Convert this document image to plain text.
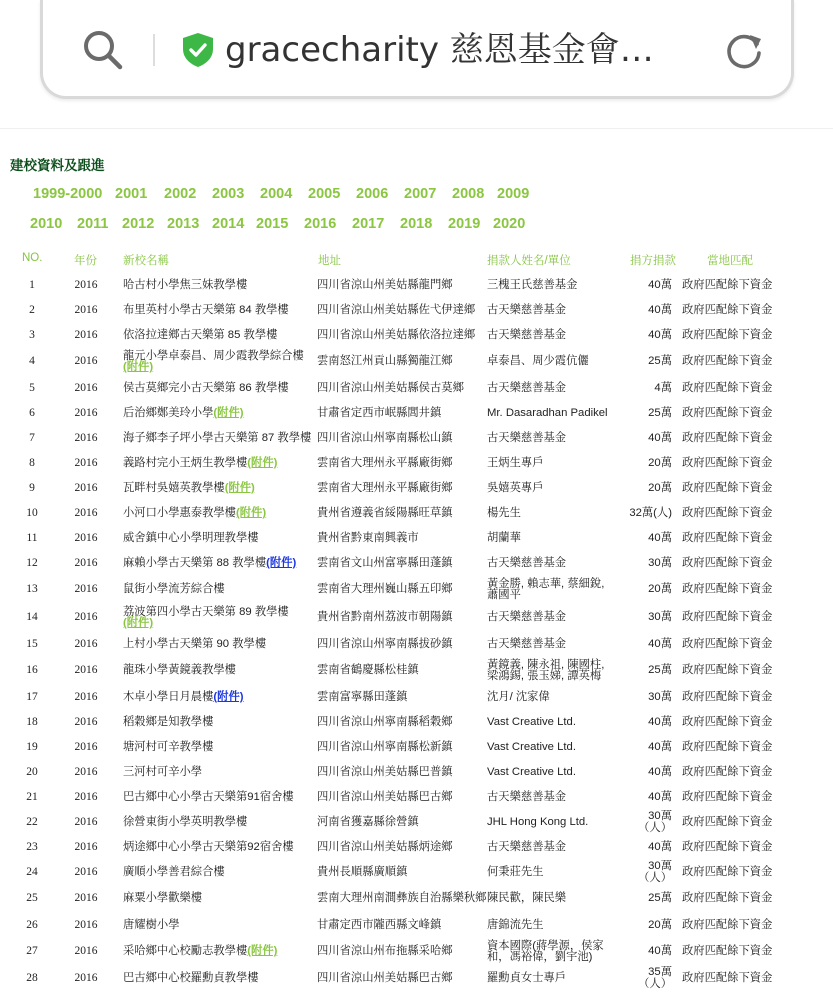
gracecharity 慈恩基金會…
建校資料及跟進
1999-2000 2001 2002 2003 2004 2005 2006 2007 2008 2009
2010 2011 2012 2013 2014 2015 2016 2017 2018 2019 2020
NO.	年份 新校名稱	地址	捐款人姓名/單位	捐方捐款	當地匹配
1	2016		哈古村小學焦三妹教學樓	四川省涼山州美姑縣龍門鄉	三槐王氏慈善基金	40萬	政府匹配餘下資金
2	2016		布里英村小學古天樂第 84 教學樓	四川省涼山州美姑縣佐弋伊達鄉	古天樂慈善基金	40萬	政府匹配餘下資金
3	2016		依洛拉達鄉古天樂第 85 教學樓	四川省涼山州美姑縣依洛拉達鄉	古天樂慈善基金	40萬	政府匹配餘下資金
4	2016		龍元小學卓泰昌、周少霞教學綜合樓
(附件)	雲南怒江州貢山縣獨龍江鄉	卓泰昌、周少霞伉儷	25萬	政府匹配餘下資金
5	2016		侯古莫鄉完小古天樂第 86 教學樓	四川省涼山州美姑縣侯古莫鄉	古天樂慈善基金	4萬	政府匹配餘下資金
6	2016		后治鄉鄭美玲小學(附件)	甘肅省定西市岷縣閭井鎮	Mr. Dasaradhan Padikel	25萬	政府匹配餘下資金
7	2016		海子鄉李子坪小學古天樂第 87 教學樓	四川省涼山州寧南縣松山鎮	古天樂慈善基金	40萬	政府匹配餘下資金
8	2016		義路村完小王炳生教學樓(附件)	雲南省大理州永平縣廠街鄉	王炳生專戶	20萬	政府匹配餘下資金
9	2016		瓦畔村吳嬉英教學樓(附件)	雲南省大理州永平縣廠街鄉	吳嬉英專戶	20萬	政府匹配餘下資金
10	2016		小河口小學惠泰教學樓(附件)	貴州省遵義省綏陽縣旺草鎮	楊先生	32萬(人)	政府匹配餘下資金
11	2016		威舍鎮中心小學明理教學樓	貴州省黔東南興義市	胡蘭華	40萬	政府匹配餘下資金
12	2016		麻賴小學古天樂第 88 教學樓(附件)	雲南省文山州富寧縣田蓬鎮	古天樂慈善基金	30萬	政府匹配餘下資金
13	2016		鼠街小學流芳綜合樓	雲南省大理州巍山縣五印鄉	黃金勝, 賴志華, 蔡細銳, 蕭國平	20萬	政府匹配餘下資金
14	2016		荔波第四小學古天樂第 89 教學樓
(附件)	貴州省黔南州荔波市朝陽鎮	古天樂慈善基金	30萬	政府匹配餘下資金
15	2016		上村小學古天樂第 90 教學樓	四川省涼山州寧南縣拔砂鎮	古天樂慈善基金	40萬	政府匹配餘下資金
16	2016		龍珠小學黃鏡義教學樓	雲南省鶴慶縣松桂鎮	黃鏡義, 陳永祖, 陳國柱, 梁鴻錫, 張玉娣, 譚英梅	25萬	政府匹配餘下資金
17	2016		木卓小學日月晨樓(附件)	雲南富寧縣田蓬鎮	沈月/ 沈家偉	30萬	政府匹配餘下資金
18	2016		稻穀鄉是知教學樓	四川省涼山州寧南縣稻穀鄉	Vast Creative Ltd.	40萬	政府匹配餘下資金
19	2016		塘河村可辛教學樓	四川省涼山州寧南縣松新鎮	Vast Creative Ltd.	40萬	政府匹配餘下資金
20	2016		三河村可辛小學	四川省涼山州美姑縣巴普鎮	Vast Creative Ltd.	40萬	政府匹配餘下資金
21	2016		巴古鄉中心小學古天樂第91宿舍樓	四川省涼山州美姑縣巴古鄉	古天樂慈善基金	40萬	政府匹配餘下資金
22	2016		徐營東街小學英明教學樓	河南省獲嘉縣徐營鎮	JHL Hong Kong Ltd.	30萬（人）	政府匹配餘下資金
23	2016		炳途鄉中心小學古天樂第92宿舍樓	四川省涼山州美姑縣炳途鄉	古天樂慈善基金	40萬	政府匹配餘下資金
24	2016		廣順小學善君綜合樓	貴州長順縣廣順鎮	何秉莊先生	30萬（人）	政府匹配餘下資金
25	2016		麻粟小學歡樂樓	雲南大理州南澗彝族自治縣樂秋鄉	陳民歡，陳民樂	25萬	政府匹配餘下資金
26	2016		唐耀樹小學	甘肅定西市隴西縣文峰鎮	唐錦流先生	20萬	政府匹配餘下資金
27	2016		采哈鄉中心校勵志教學樓(附件)	四川省涼山州布拖縣采哈鄉	資本國際(蔣學源，侯家和，馮裕偉，劉宇池)	40萬	政府匹配餘下資金
28	2016		巴古鄉中心校羅勳貞教學樓	四川省涼山州美姑縣巴古鄉	羅勳貞女士專戶	35萬（人）	政府匹配餘下資金
